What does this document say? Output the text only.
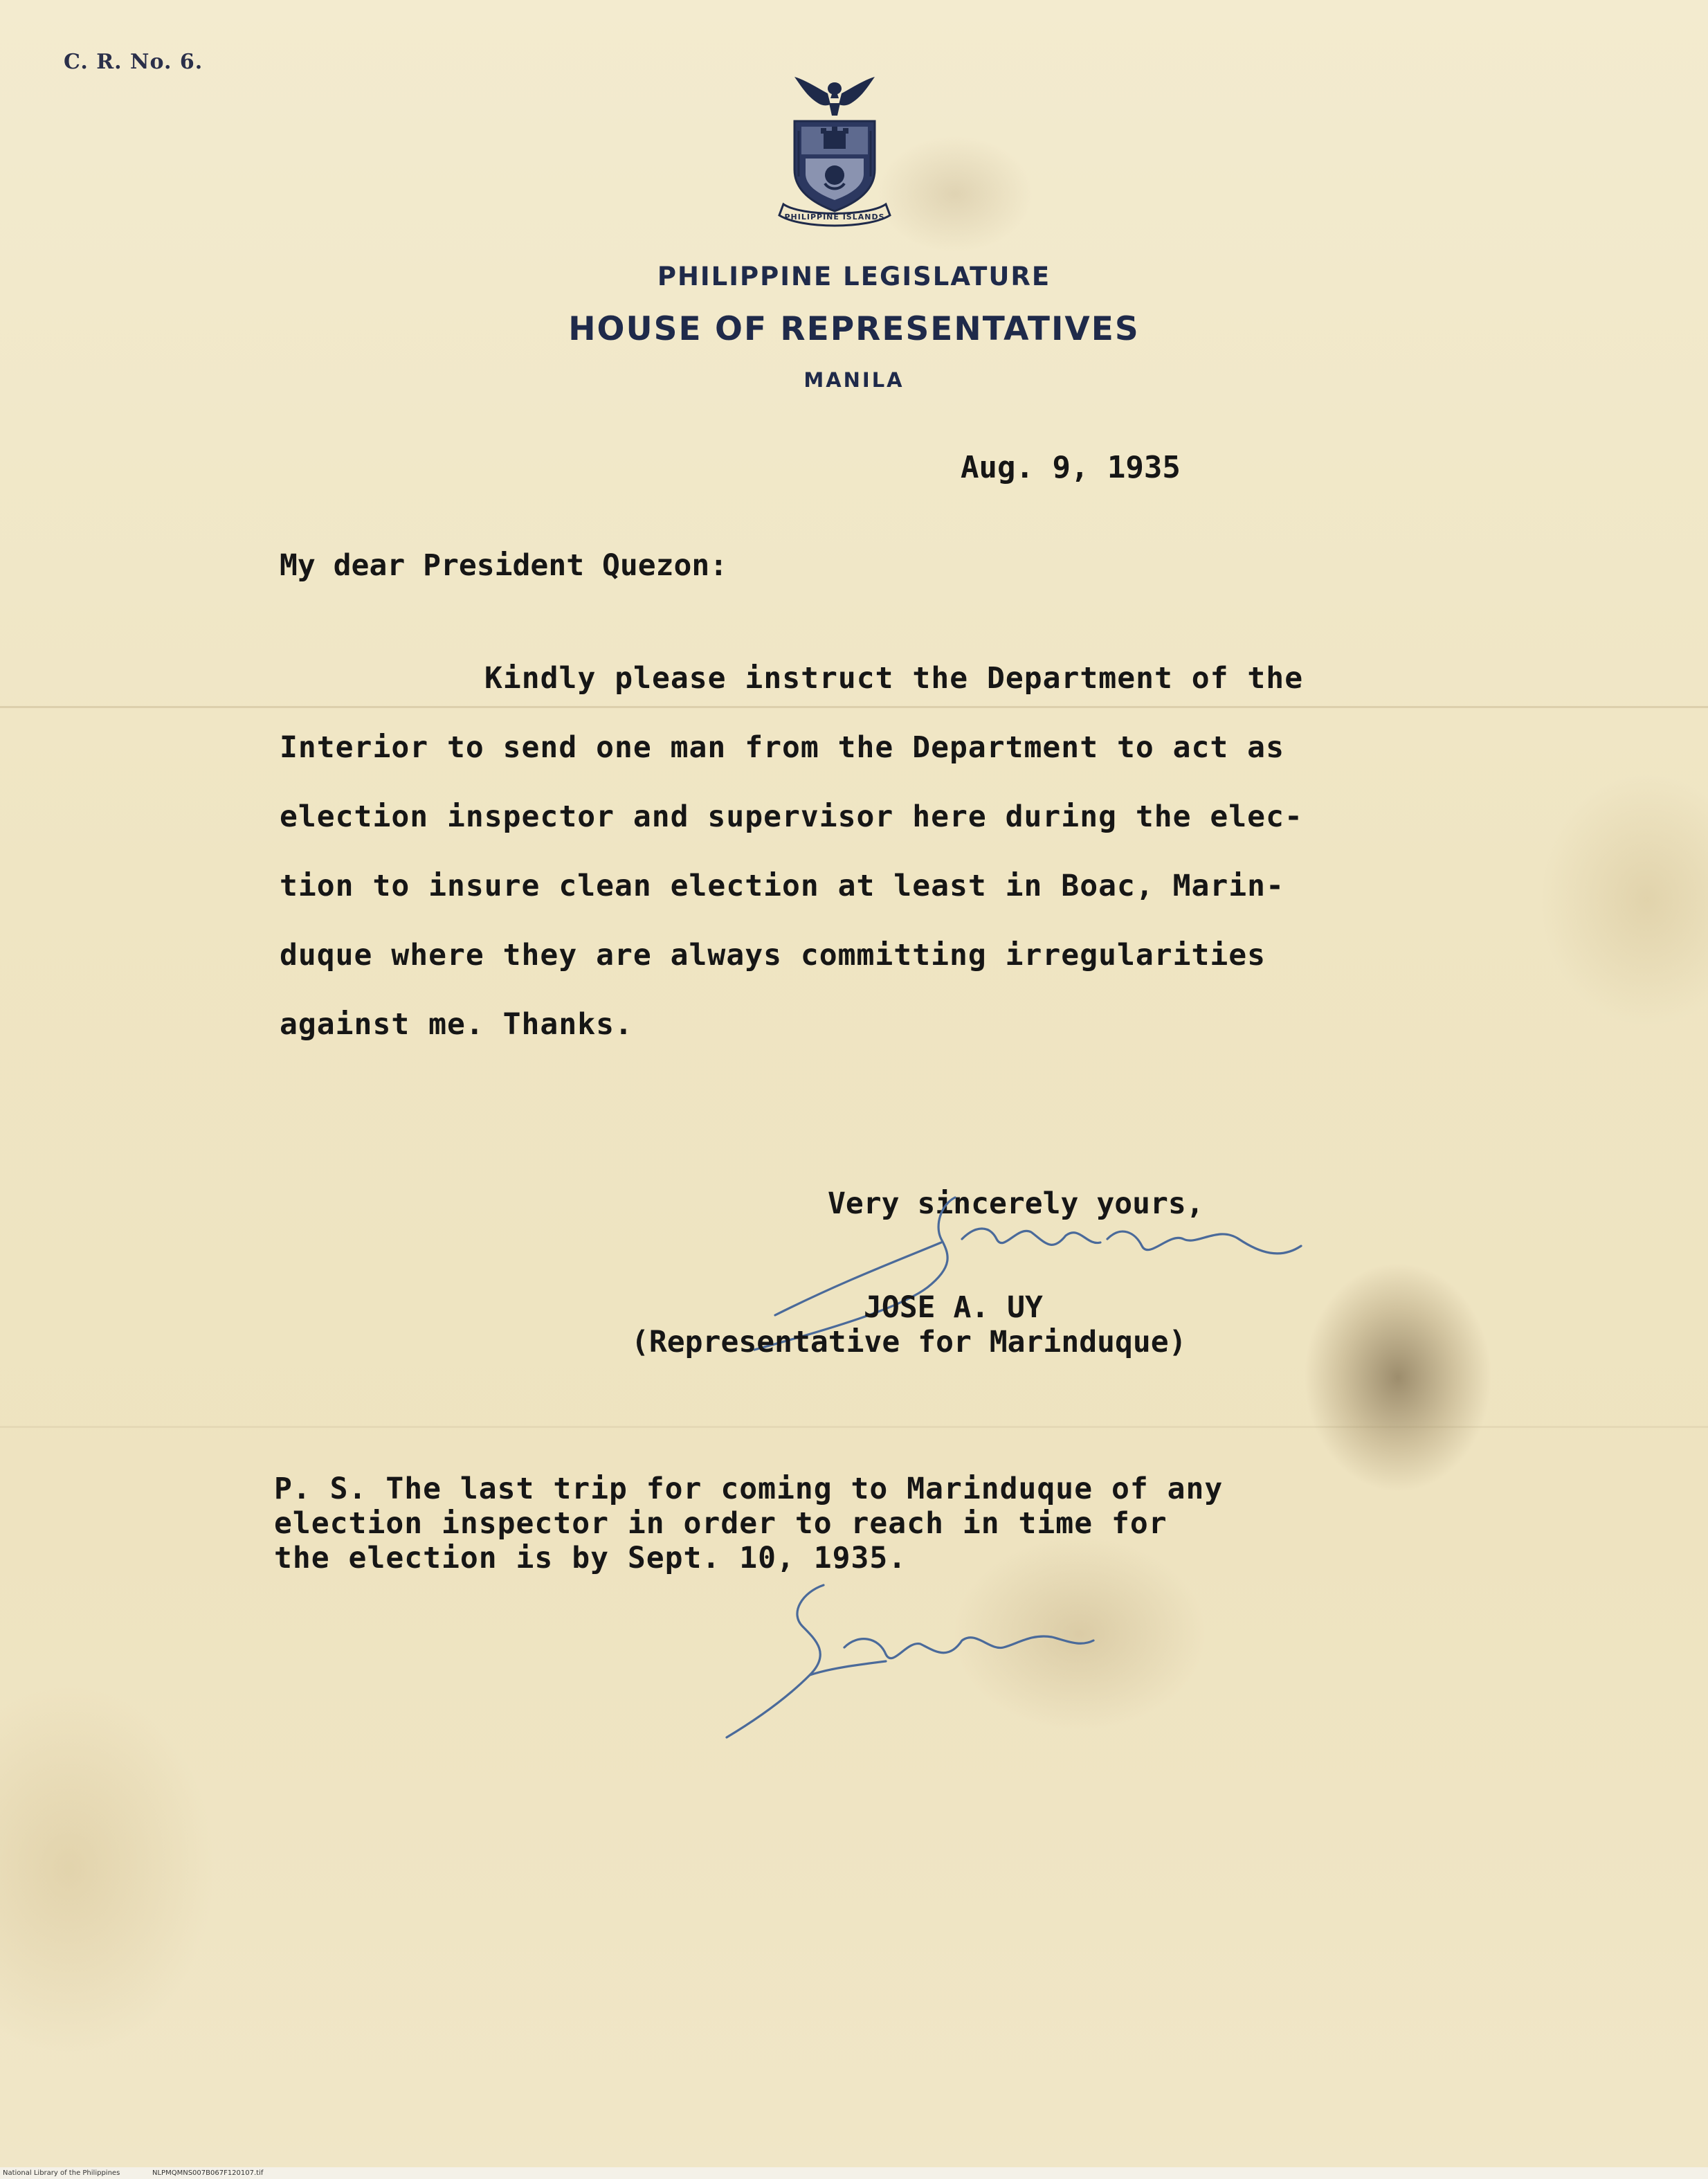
C. R. No. 6.
PHILIPPINE ISLANDS
PHILIPPINE LEGISLATURE
HOUSE OF REPRESENTATIVES
MANILA
Aug. 9, 1935
My dear President Quezon:
Kindly please instruct the Department of the
Interior to send one man from the Department to act as
election inspector and supervisor here during the elec-
tion to insure clean election at least in Boac, Marin-
duque where they are always committing irregularities
against me. Thanks.
Very sincerely yours,
JOSE A. UY
(Representative for Marinduque)
P. S. The last trip for coming to Marinduque of any
election inspector in order to reach in time for
the election is by Sept. 10, 1935.
National Library of the Philippines	NLPMQMNS007B067F120107.tif
